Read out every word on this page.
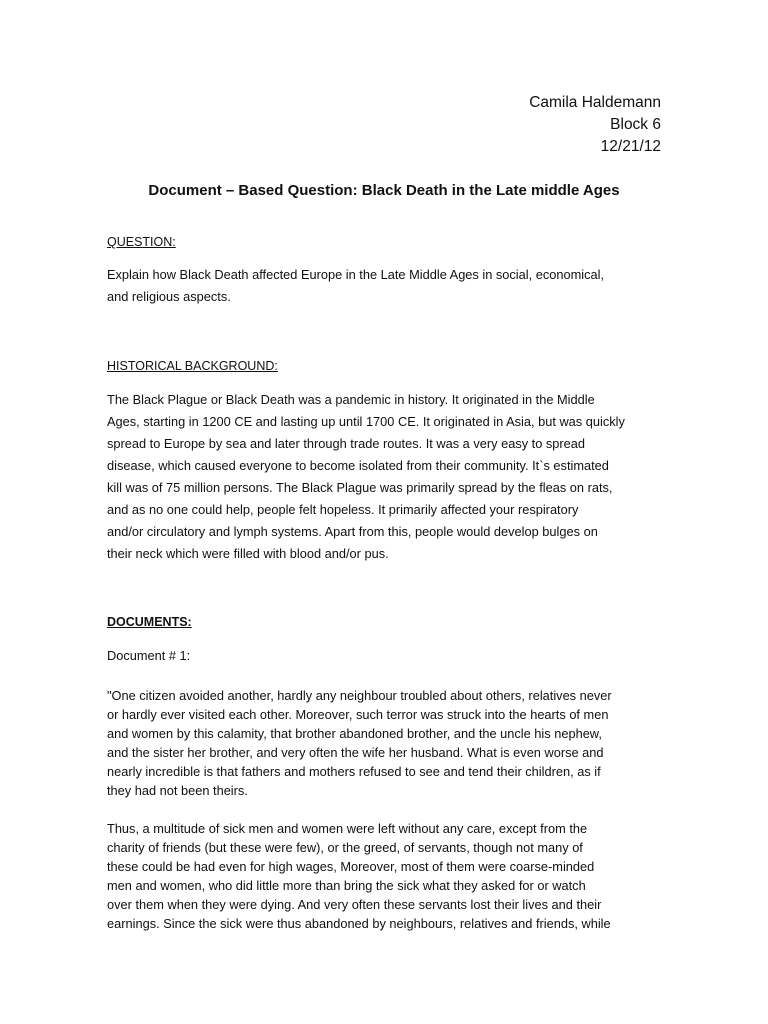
Camila Haldemann
Block 6
12/21/12
Document – Based Question: Black Death in the Late middle Ages
QUESTION:
Explain how Black Death affected Europe in the Late Middle Ages in social, economical,
and religious aspects.
HISTORICAL BACKGROUND:
The Black Plague or Black Death was a pandemic in history. It originated in the Middle
Ages, starting in 1200 CE and lasting up until 1700 CE. It originated in Asia, but was quickly
spread to Europe by sea and later through trade routes. It was a very easy to spread
disease, which caused everyone to become isolated from their community. It`s estimated
kill was of 75 million persons. The Black Plague was primarily spread by the fleas on rats,
and as no one could help, people felt hopeless. It primarily affected your respiratory
and/or circulatory and lymph systems. Apart from this, people would develop bulges on
their neck which were filled with blood and/or pus.
DOCUMENTS:
Document # 1:
"One citizen avoided another, hardly any neighbour troubled about others, relatives never
or hardly ever visited each other. Moreover, such terror was struck into the hearts of men
and women by this calamity, that brother abandoned brother, and the uncle his nephew,
and the sister her brother, and very often the wife her husband. What is even worse and
nearly incredible is that fathers and mothers refused to see and tend their children, as if
they had not been theirs.
Thus, a multitude of sick men and women were left without any care, except from the
charity of friends (but these were few), or the greed, of servants, though not many of
these could be had even for high wages, Moreover, most of them were coarse-minded
men and women, who did little more than bring the sick what they asked for or watch
over them when they were dying. And very often these servants lost their lives and their
earnings. Since the sick were thus abandoned by neighbours, relatives and friends, while
